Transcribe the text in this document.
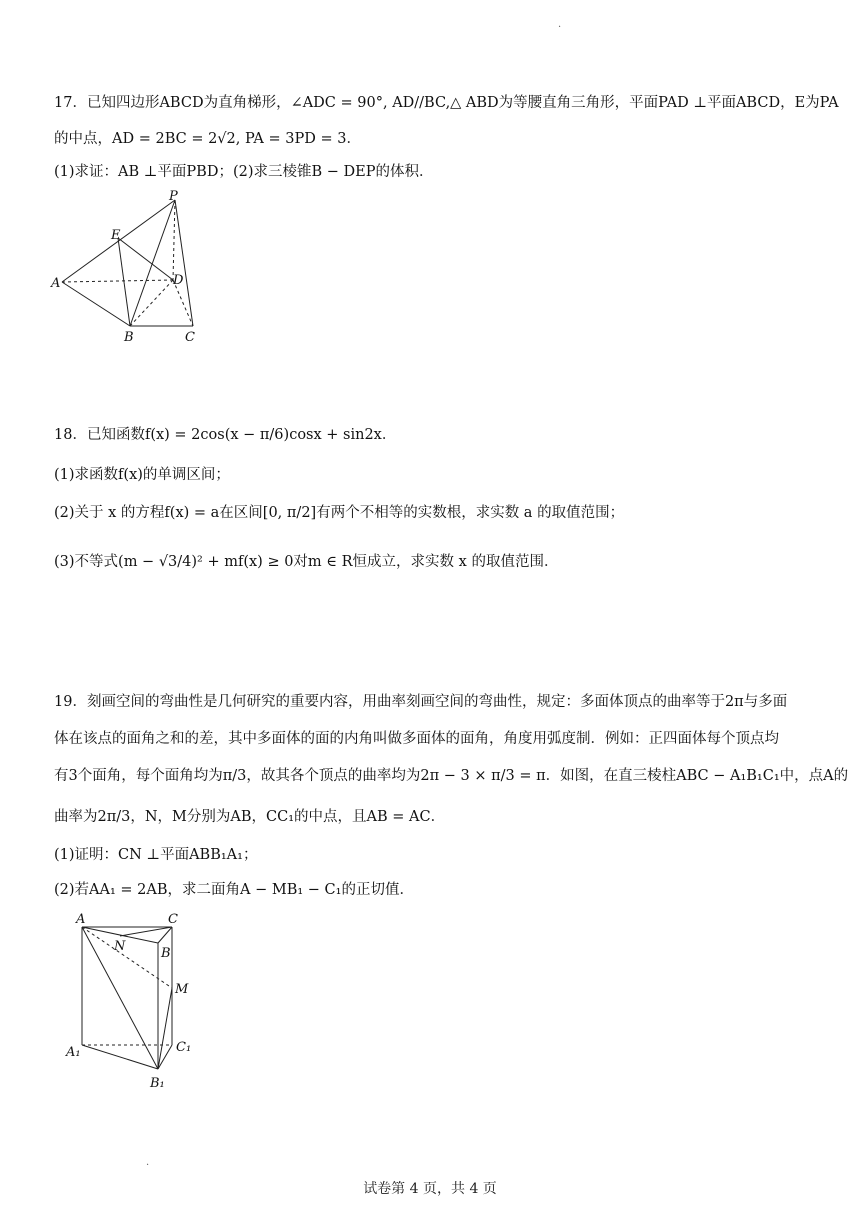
·
17．已知四边形ABCD为直角梯形，∠ADC = 90°, AD//BC,△ ABD为等腰直角三角形，平面PAD ⊥平面ABCD，E为PA
的中点，AD = 2BC = 2√2, PA = 3PD = 3．
(1)求证：AB ⊥平面PBD；(2)求三棱锥B − DEP的体积．
P
E
A	D
B	C
18．已知函数f(x) = 2cos(x − π/6)cosx + sin2x．
(1)求函数f(x)的单调区间；
(2)关于 x 的方程f(x) = a在区间[0, π/2]有两个不相等的实数根，求实数 a 的取值范围；
(3)不等式(m − √3/4)² + mf(x) ≥ 0对m ∈ R恒成立，求实数 x 的取值范围．
19．刻画空间的弯曲性是几何研究的重要内容，用曲率刻画空间的弯曲性，规定：多面体顶点的曲率等于2π与多面
体在该点的面角之和的差，其中多面体的面的内角叫做多面体的面角，角度用弧度制．例如：正四面体每个顶点均
有3个面角，每个面角均为π/3，故其各个顶点的曲率均为2π − 3 × π/3 = π．如图，在直三棱柱ABC − A₁B₁C₁中，点A的
曲率为2π/3，N，M分别为AB，CC₁的中点，且AB = AC．
(1)证明：CN ⊥平面ABB₁A₁；
(2)若AA₁ = 2AB，求二面角A − MB₁ − C₁的正切值．
A	C
N	B
M
A₁	C₁
B₁
·
试卷第 4 页，共 4 页
